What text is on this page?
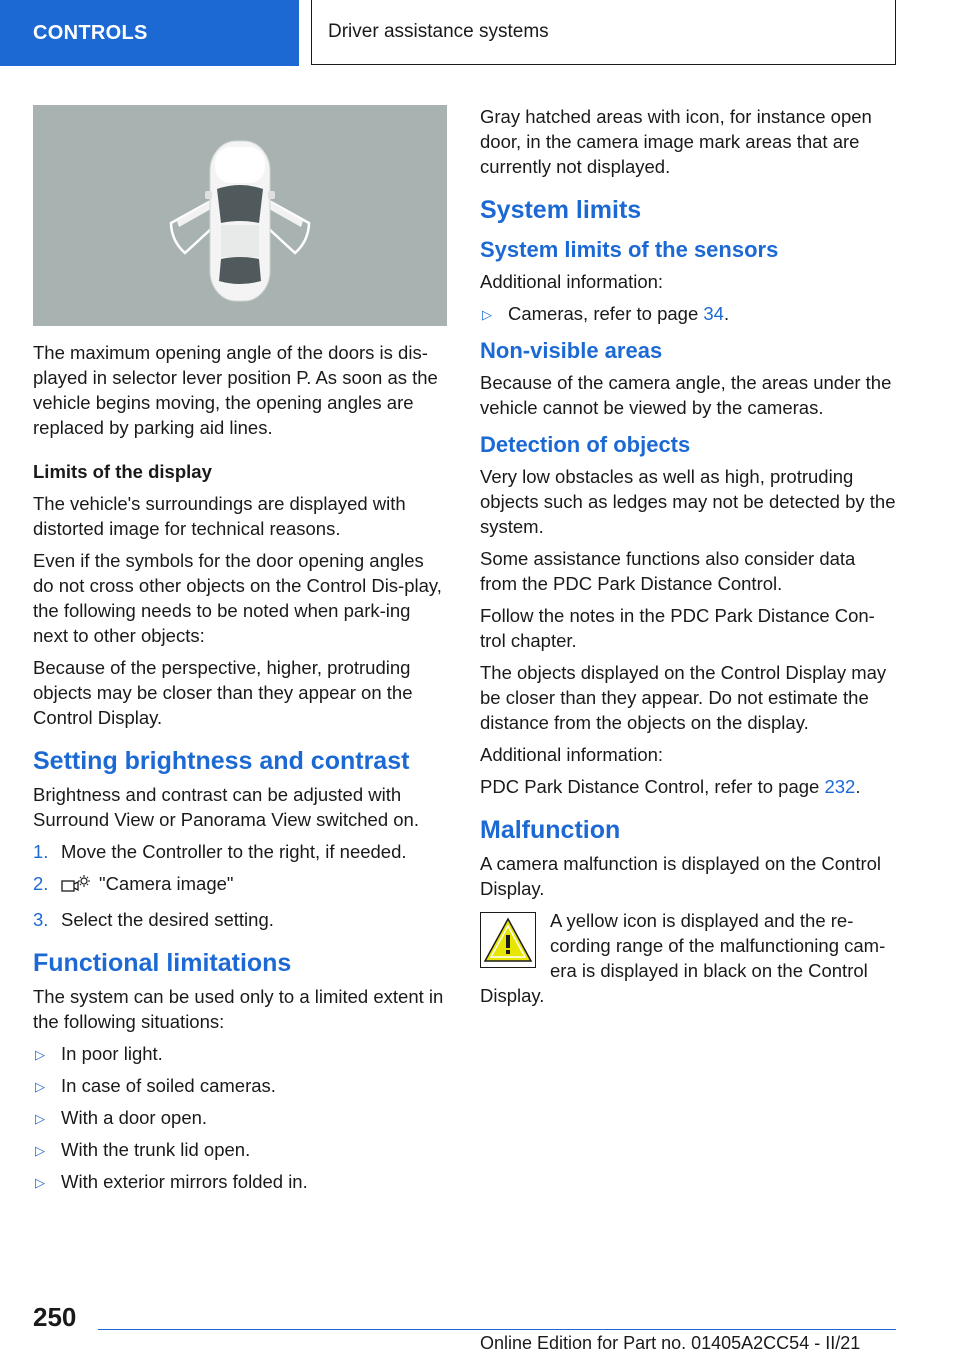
CONTROLS	Driver assistance systems

The maximum opening angle of the doors is dis-played in selector lever position P. As soon as the vehicle begins moving, the opening angles are replaced by parking aid lines.

Limits of the display

The vehicle's surroundings are displayed with distorted image for technical reasons.

Even if the symbols for the door opening angles do not cross other objects on the Control Dis-play, the following needs to be noted when park-ing next to other objects:

Because of the perspective, higher, protruding objects may be closer than they appear on the Control Display.

Setting brightness and contrast

Brightness and contrast can be adjusted with Surround View or Panorama View switched on.

1. Move the Controller to the right, if needed.
2.	"Camera image"
3. Select the desired setting.
Functional limitations

The system can be used only to a limited extent in the following situations:

▷ In poor light.
▷ In case of soiled cameras.
▷ With a door open.
▷ With the trunk lid open.
▷ With exterior mirrors folded in.

Gray hatched areas with icon, for instance open door, in the camera image mark areas that are currently not displayed.

System limits
System limits of the sensors

Additional information:

▷ Cameras, refer to page 34.
Non-visible areas

Because of the camera angle, the areas under the vehicle cannot be viewed by the cameras.

Detection of objects

Very low obstacles as well as high, protruding objects such as ledges may not be detected by the system.

Some assistance functions also consider data from the PDC Park Distance Control.

Follow the notes in the PDC Park Distance Con-trol chapter.

The objects displayed on the Control Display may be closer than they appear. Do not estimate the distance from the objects on the display.

Additional information:

PDC Park Distance Control, refer to page 232.

Malfunction

A camera malfunction is displayed on the Control Display.

A yellow icon is displayed and the re-cording range of the malfunctioning cam-era is displayed in black on the Control Display.

250
Online Edition for Part no. 01405A2CC54 - II/21
